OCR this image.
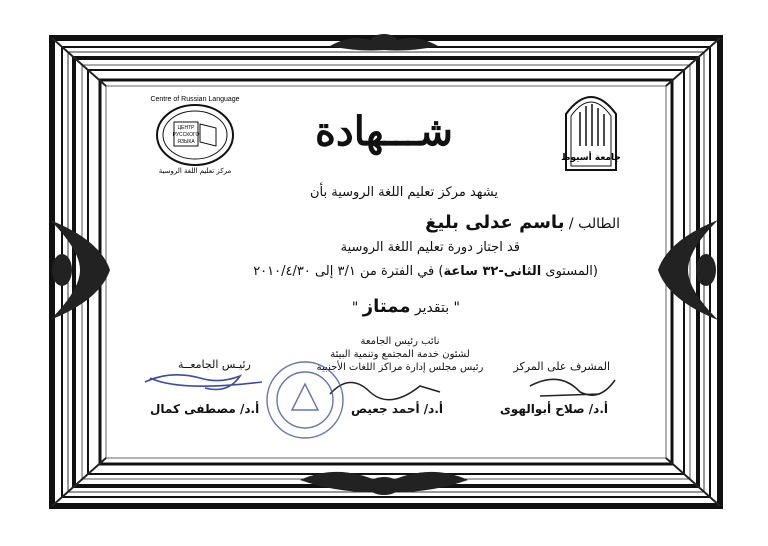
Centre of Russian Language
ЦЕНТР
РУССКОГО
ЯЗЫКА
مركز تعليم اللغة الروسية
جامعة أسيوط
شـــهادة
يشهد مركز تعليم اللغة الروسية بأن
الطالب / باسم عدلى بليغ
قد اجتاز دورة تعليم اللغة الروسية
(المستوى الثانى-٣٢ ساعة) في الفترة من ٣/١ إلى ٢٠١٠/٤/٣٠
" بتقدير ممتاز "
نائب رئيس الجامعة
لشئون خدمة المجتمع وتنمية البيئة
رئيس مجلس إدارة مراكز اللغات الأجنبية
أ.د/ أحمد جعيص
رئيـس الجامعــة
أ.د/ مصطفى كمال
المشرف على المركز
أ.د/ صلاح أبوالهوى
